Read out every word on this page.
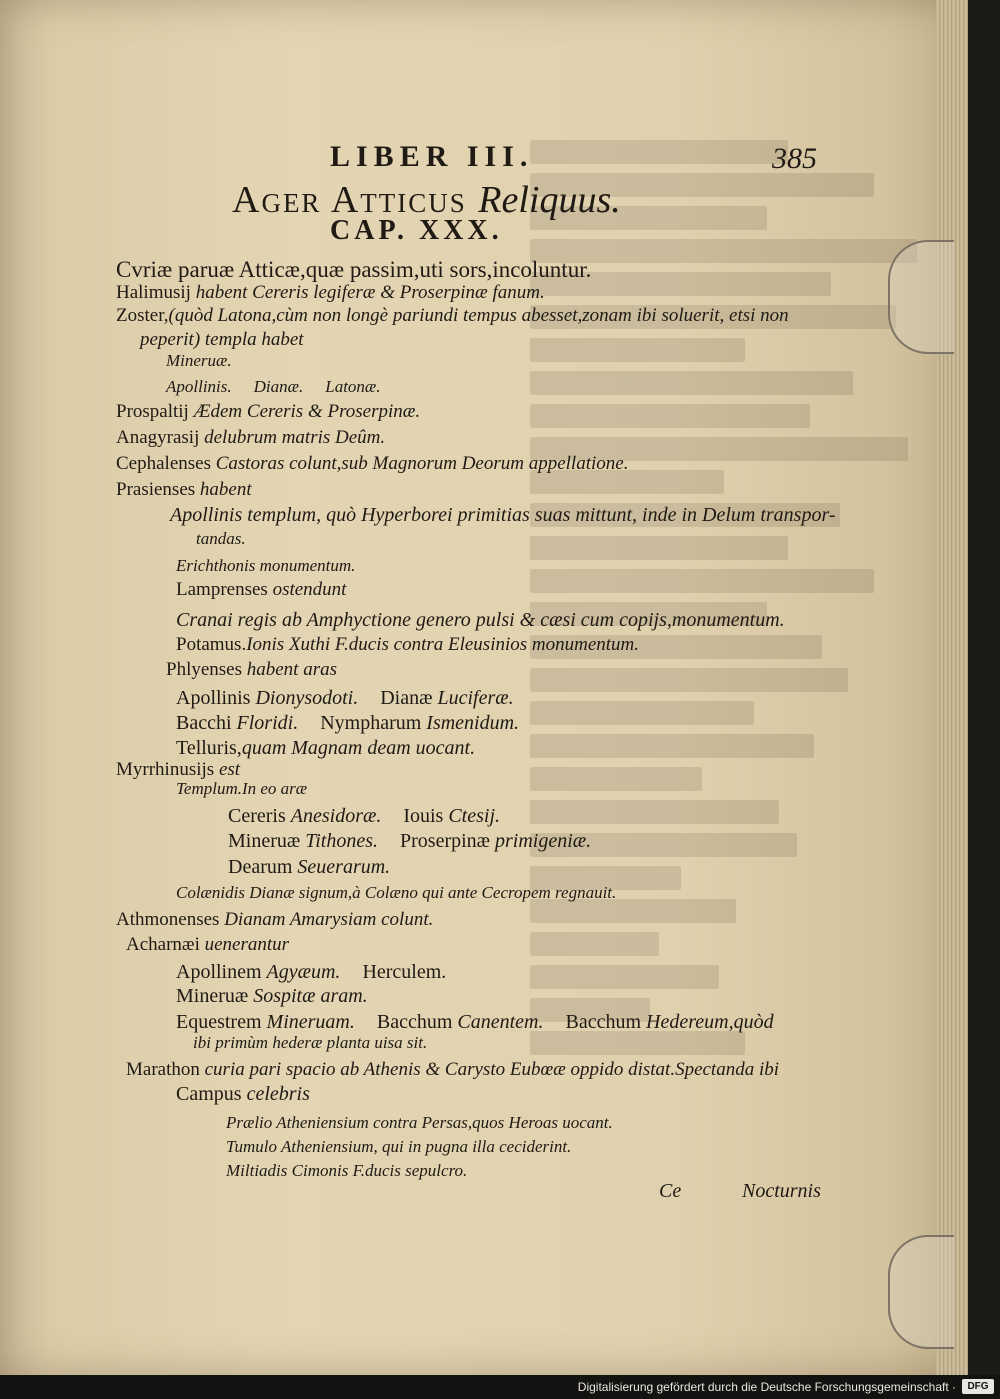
LIBER III.	385
Ager Atticus Reliquus.
CAP. XXX.
Cvriæ paruæ Atticæ,quæ passim,uti sors,incoluntur.
Halimusij habent Cereris legiferæ & Proserpinæ fanum.
Zoster,(quòd Latona,cùm non longè pariundi tempus abesset,zonam ibi soluerit, etsi non
peperit) templa habet
Mineruæ.
Apollinis. Dianæ. Latonæ.
Prospaltij Ædem Cereris & Proserpinæ.
Anagyrasij delubrum matris Deûm.
Cephalenses Castoras colunt,sub Magnorum Deorum appellatione.
Prasienses habent
Apollinis templum, quò Hyperborei primitias suas mittunt, inde in Delum transpor-
tandas.
Erichthonis monumentum.
Lamprenses ostendunt
Cranai regis ab Amphyctione genero pulsi & cæsi cum copijs,monumentum.
Potamus.Ionis Xuthi F.ducis contra Eleusinios monumentum.
Phlyenses habent aras
Apollinis Dionysodoti. Dianæ Luciferæ.
Bacchi Floridi. Nympharum Ismenidum.
Telluris,quam Magnam deam uocant.
Myrrhinusijs est
Templum.In eo aræ
Cereris Anesidoræ. Iouis Ctesij.
Mineruæ Tithones. Proserpinæ primigeniæ.
Dearum Seuerarum.
Colænidis Dianæ signum,à Colæno qui ante Cecropem regnauit.
Athmonenses Dianam Amarysiam colunt.
Acharnæi uenerantur
Apollinem Agyæum. Herculem.
Mineruæ Sospitæ aram.
Equestrem Mineruam. Bacchum Canentem. Bacchum Hedereum,quòd
ibi primùm hederæ planta uisa sit.
Marathon curia pari spacio ab Athenis & Carysto Eubœæ oppido distat.Spectanda ibi
Campus celebris
Prælio Atheniensium contra Persas,quos Heroas uocant.
Tumulo Atheniensium, qui in pugna illa ceciderint.
Miltiadis Cimonis F.ducis sepulcro.
Ce	Nocturnis
Digitalisierung gefördert durch die Deutsche Forschungsgemeinschaft ·	DFG
